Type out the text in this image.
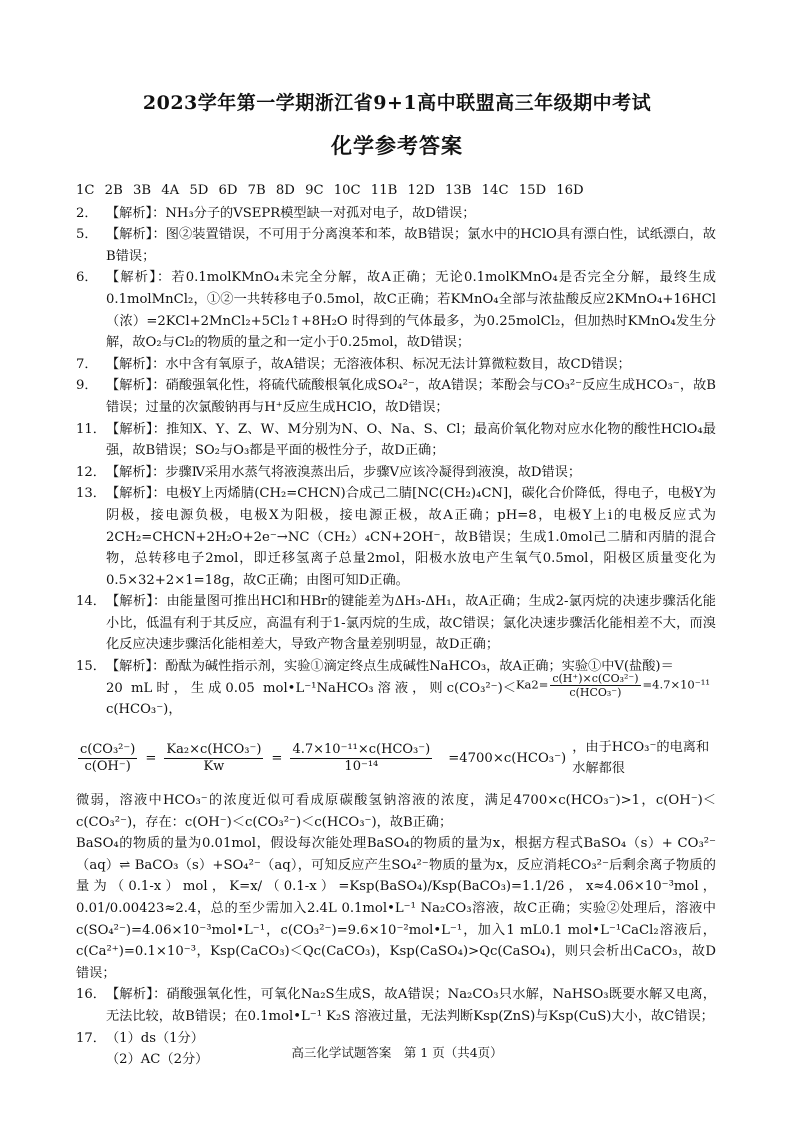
2023学年第一学期浙江省9+1高中联盟高三年级期中考试
化学参考答案
1C 2B 3B 4A 5D 6D 7B 8D 9C 10C 11B 12D 13B 14C 15D 16D
2． 【解析】：NH₃分子的VSEPR模型缺一对孤对电子，故D错误；
5． 【解析】：图②装置错误，不可用于分离溴苯和苯，故B错误；氯水中的HClO具有漂白性，试纸漂白，故B错误；
6． 【解析】：若0.1molKMnO₄未完全分解，故A正确；无论0.1molKMnO₄是否完全分解，最终生成0.1molMnCl₂，①②一共转移电子0.5mol，故C正确；若KMnO₄全部与浓盐酸反应2KMnO₄+16HCl（浓）=2KCl+2MnCl₂+5Cl₂↑+8H₂O 时得到的气体最多，为0.25molCl₂，但加热时KMnO₄发生分解，故O₂与Cl₂的物质的量之和一定小于0.25mol，故D错误；
7． 【解析】：水中含有氧原子，故A错误；无溶液体积、标况无法计算微粒数目，故CD错误；
9． 【解析】：硝酸强氧化性，将硫代硫酸根氧化成SO₄²⁻，故A错误；苯酚会与CO₃²⁻反应生成HCO₃⁻，故B错误；过量的次氯酸钠再与H⁺反应生成HClO，故D错误；
11． 【解析】：推知X、Y、Z、W、M分别为N、O、Na、S、Cl；最高价氧化物对应水化物的酸性HClO₄最强，故B错误；SO₂与O₃都是平面的极性分子，故D正确；
12． 【解析】：步骤Ⅳ采用水蒸气将液溴蒸出后，步骤Ⅴ应该冷凝得到液溴，故D错误；
13． 【解析】：电极Y上丙烯腈(CH₂=CHCN)合成己二腈[NC(CH₂)₄CN]，碳化合价降低，得电子，电极Y为阴极，接电源负极，电极X为阳极，接电源正极，故A正确；pH=8，电极Y上i的电极反应式为2CH₂=CHCN+2H₂O+2e⁻→NC（CH₂）₄CN+2OH⁻，故B错误；生成1.0mol己二腈和丙腈的混合物，总转移电子2mol，即迁移氢离子总量2mol，阳极水放电产生氧气0.5mol，阳极区质量变化为0.5×32+2×1=18g，故C正确；由图可知D正确。
14． 【解析】：由能量图可推出HCl和HBr的键能差为ΔH₃-ΔH₁，故A正确；生成2-氯丙烷的决速步骤活化能小比，低温有利于其反应，高温有利于1-氯丙烷的生成，故C错误；氯化决速步骤活化能相差不大，而溴化反应决速步骤活化能相差大，导致产物含量差别明显，故D正确；
15． 【解析】：酚酞为碱性指示剂，实验①滴定终点生成碱性NaHCO₃，故A正确；实验①中V(盐酸)＝

$Ka2= \frac{\text{c(H⁺)×c(CO₃²⁻)}}{\text{c(HCO₃⁻)}} =4.7\times 10^{-11}$
20 mL时，生成0.05 mol•L⁻¹NaHCO₃溶液，则c(CO₃²⁻)＜c(HCO₃⁻)，
$\frac{\text{c(CO₃²⁻)}}{c(OH^-)} = \frac{\text{Ka₂×c(HCO₃⁻)}}{Kw} = \frac{\text{4.7×10⁻¹¹×c(HCO₃⁻)}}{\text{10⁻¹⁴}} =4700\times c(HCO_3^-)$
，由于HCO₃⁻的电离和水解都很
微弱，溶液中HCO₃⁻的浓度近似可看成原碳酸氢钠溶液的浓度，满足4700×c(HCO₃⁻)>1，c(OH⁻)＜c(CO₃²⁻)，存在：c(OH⁻)＜c(CO₃²⁻)＜c(HCO₃⁻)，故B正确；
BaSO₄的物质的量为0.01mol，假设每次能处理BaSO₄的物质的量为x，根据方程式BaSO₄（s）+ CO₃²⁻（aq）⇌ BaCO₃（s）+SO₄²⁻（aq），可知反应产生SO₄²⁻物质的量为x，反应消耗CO₃²⁻后剩余离子物质的量为（0.1-x）mol，K=x/（0.1-x）=Ksp(BaSO₄)/Ksp(BaCO₃)=1.1/26，x≈4.06×10⁻³mol，0.01/0.00423≈2.4，总的至少需加入2.4L 0.1mol•L⁻¹ Na₂CO₃溶液，故C正确；实验②处理后，溶液中c(SO₄²⁻)=4.06×10⁻³mol•L⁻¹，c(CO₃²⁻)=9.6×10⁻²mol•L⁻¹，加入1 mL0.1 mol•L⁻¹CaCl₂溶液后，c(Ca²⁺)=0.1×10⁻³，Ksp(CaCO₃)＜Qc(CaCO₃)，Ksp(CaSO₄)>Qc(CaSO₄)，则只会析出CaCO₃，故D错误；
16． 【解析】：硝酸强氧化性，可氧化Na₂S生成S，故A错误；Na₂CO₃只水解，NaHSO₃既要水解又电离，无法比较，故B错误；在0.1mol•L⁻¹ K₂S 溶液过量，无法判断Ksp(ZnS)与Ksp(CuS)大小，故C错误；
17． （1）ds（1分）
（2）AC（2分）	高三化学试题答案　第 1 页（共4页）
